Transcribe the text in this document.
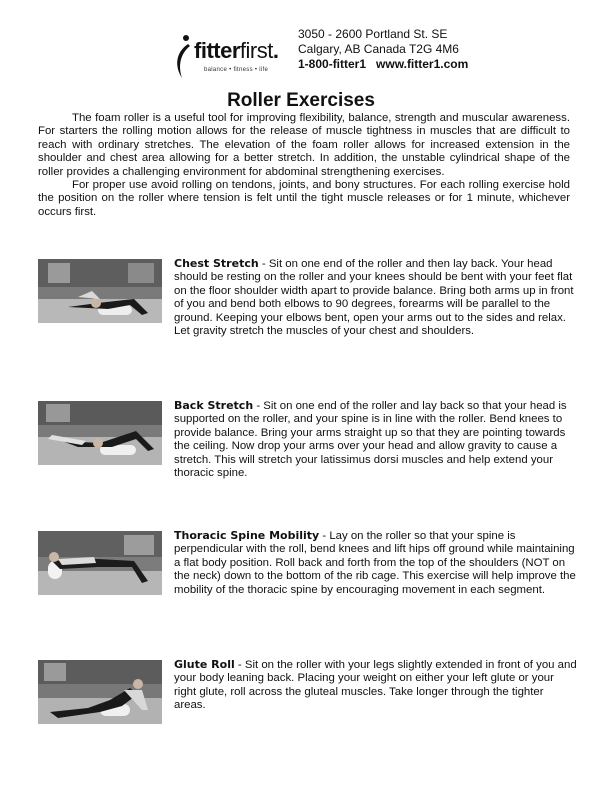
fitterfirst.
balance • fitness • life
3050 - 2600 Portland St. SE
Calgary, AB Canada T2G 4M6
1-800-fitter1 www.fitter1.com
Roller Exercises

The foam roller is a useful tool for improving flexibility, balance, strength and muscular awareness. For starters the rolling motion allows for the release of muscle tightness in muscles that are difficult to reach with ordinary stretches. The elevation of the foam roller allows for increased extension in the shoulder and chest area allowing for a better stretch. In addition, the unstable cylindrical shape of the roller provides a challenging environment for abdominal strengthening exercises.

For proper use avoid rolling on tendons, joints, and bony structures. For each rolling exercise hold the position on the roller where tension is felt until the tight muscle releases or for 1 minute, whichever occurs first.

Chest Stretch - Sit on one end of the roller and then lay back. Your head should be resting on the roller and your knees should be bent with your feet flat on the floor shoulder width apart to provide balance. Bring both arms up in front of you and bend both elbows to 90 degrees, forearms will be parallel to the ground. Keeping your elbows bent, open your arms out to the sides and relax. Let gravity stretch the muscles of your chest and shoulders.
Back Stretch - Sit on one end of the roller and lay back so that your head is supported on the roller, and your spine is in line with the roller. Bend knees to provide balance. Bring your arms straight up so that they are pointing towards the ceiling. Now drop your arms over your head and allow gravity to cause a stretch. This will stretch your latissimus dorsi muscles and help extend your thoracic spine.
Thoracic Spine Mobility - Lay on the roller so that your spine is perpendicular with the roll, bend knees and lift hips off ground while maintaining a flat body position. Roll back and forth from the top of the shoulders (NOT on the neck) down to the bottom of the rib cage. This exercise will help improve the mobility of the thoracic spine by encouraging movement in each segment.
Glute Roll - Sit on the roller with your legs slightly extended in front of you and your body leaning back. Placing your weight on either your left glute or your right glute, roll across the gluteal muscles. Take longer through the tighter areas.
